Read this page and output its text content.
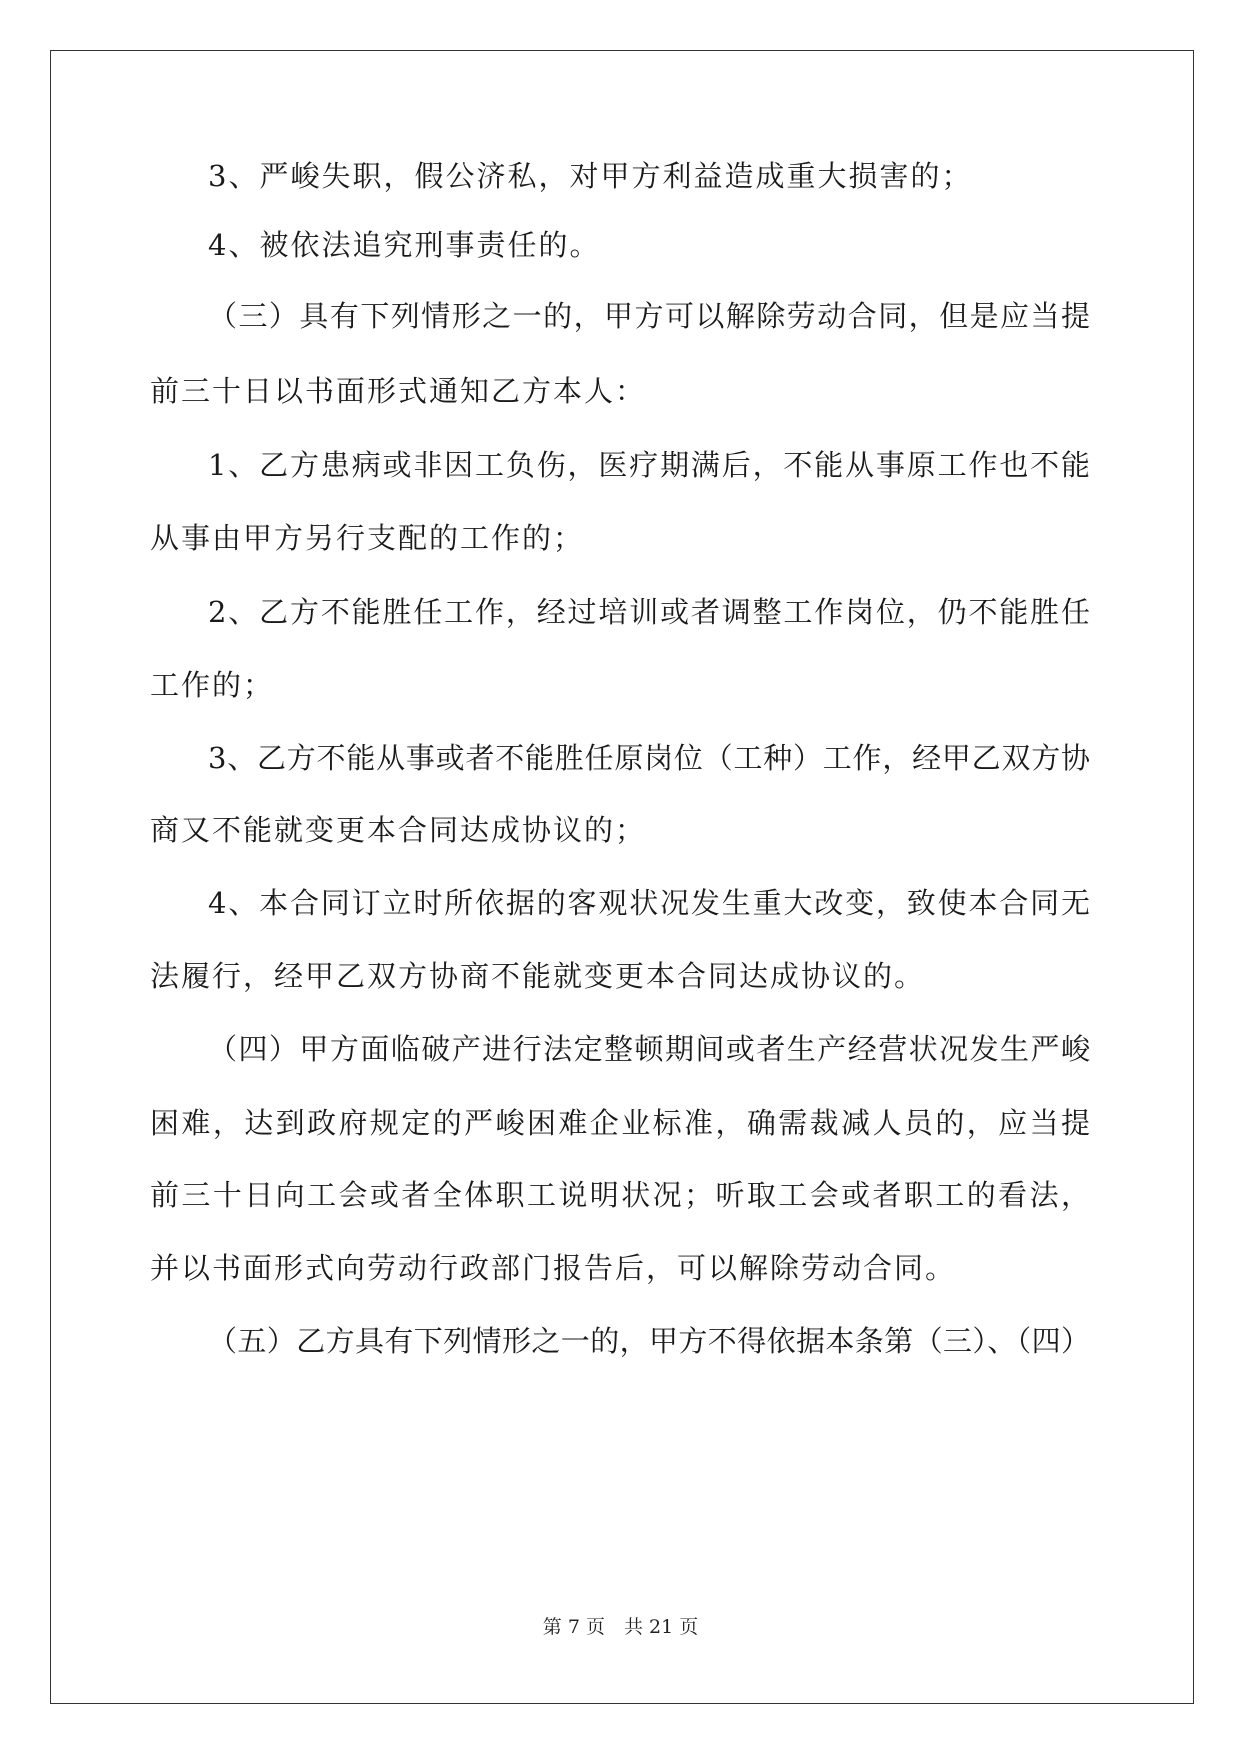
3、严峻失职，假公济私，对甲方利益造成重大损害的；
4、被依法追究刑事责任的。
（三）具有下列情形之一的，甲方可以解除劳动合同，但是应当提
前三十日以书面形式通知乙方本人：
1、乙方患病或非因工负伤，医疗期满后，不能从事原工作也不能
从事由甲方另行支配的工作的；
2、乙方不能胜任工作，经过培训或者调整工作岗位，仍不能胜任
工作的；
3、乙方不能从事或者不能胜任原岗位（工种）工作，经甲乙双方协
商又不能就变更本合同达成协议的；
4、本合同订立时所依据的客观状况发生重大改变，致使本合同无
法履行，经甲乙双方协商不能就变更本合同达成协议的。
（四）甲方面临破产进行法定整顿期间或者生产经营状况发生严峻
困难，达到政府规定的严峻困难企业标准，确需裁减人员的，应当提
前三十日向工会或者全体职工说明状况；听取工会或者职工的看法，
并以书面形式向劳动行政部门报告后，可以解除劳动合同。
（五）乙方具有下列情形之一的，甲方不得依据本条第（三）、（四）
第 7 页　共 21 页
